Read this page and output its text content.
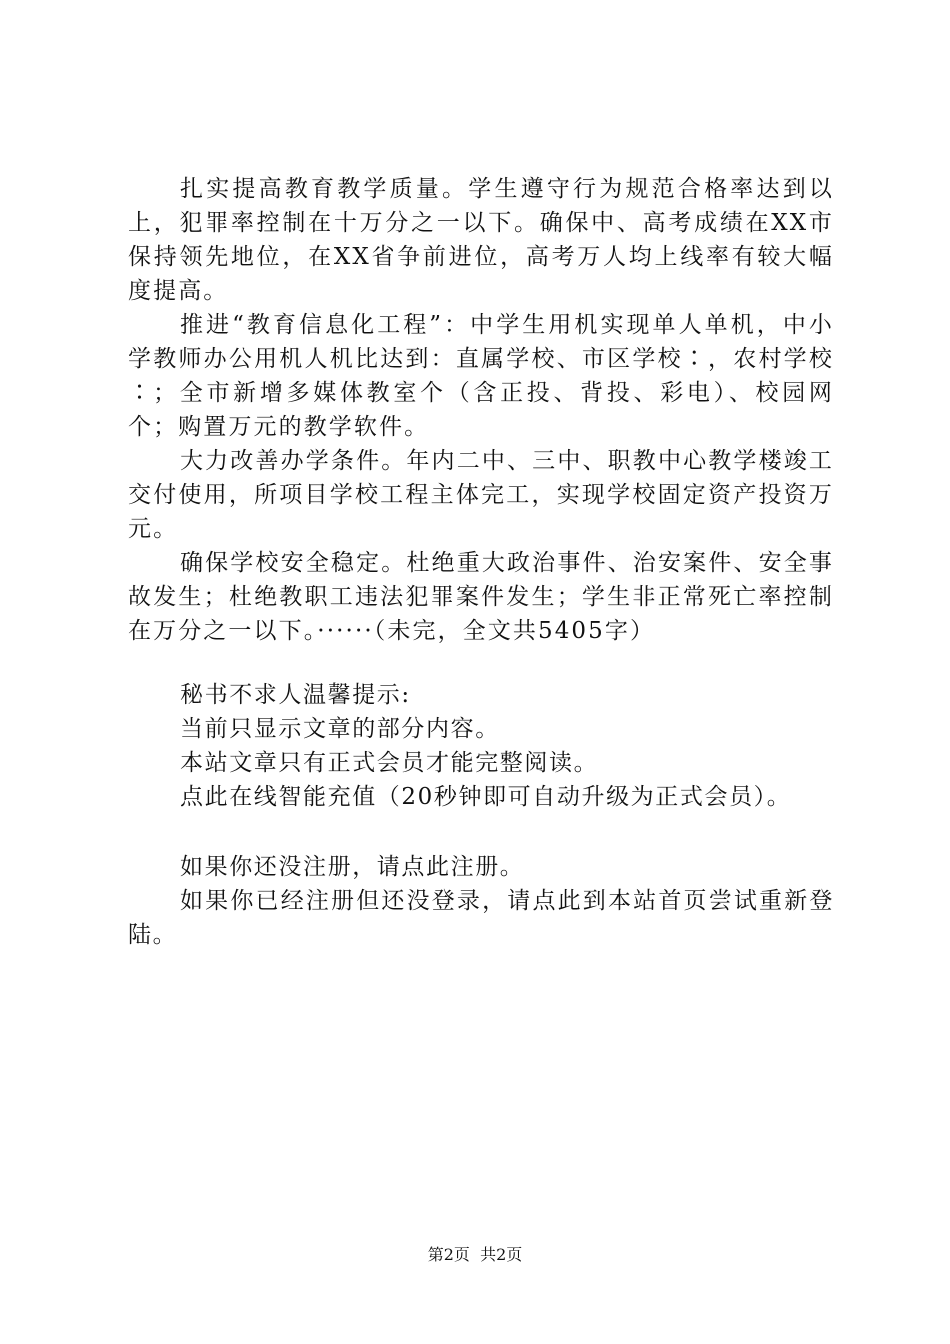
扎实提高教育教学质量。学生遵守行为规范合格率达到以上，犯罪率控制在十万分之一以下。确保中、高考成绩在XX市保持领先地位，在XX省争前进位，高考万人均上线率有较大幅度提高。

推进“教育信息化工程”：中学生用机实现单人单机，中小学教师办公用机人机比达到：直属学校、市区学校∶，农村学校∶；全市新增多媒体教室个（含正投、背投、彩电）、校园网个；购置万元的教学软件。

大力改善办学条件。年内二中、三中、职教中心教学楼竣工交付使用，所项目学校工程主体完工，实现学校固定资产投资万元。

确保学校安全稳定。杜绝重大政治事件、治安案件、安全事故发生；杜绝教职工违法犯罪案件发生；学生非正常死亡率控制在万分之一以下。······（未完，全文共5405字）

秘书不求人温馨提示:

当前只显示文章的部分内容。

本站文章只有正式会员才能完整阅读。

点此在线智能充值（20秒钟即可自动升级为正式会员）。

如果你还没注册，请点此注册。

如果你已经注册但还没登录，请点此到本站首页尝试重新登陆。

第2页 共2页
